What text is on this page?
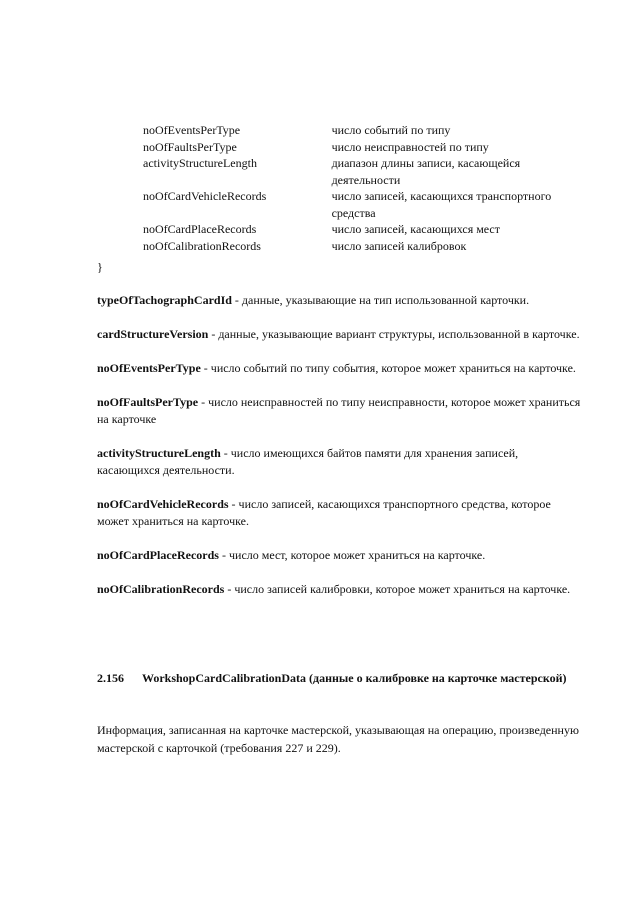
noOfEventsPerType	число событий по типу
noOfFaultsPerType	число неисправностей по типу
activityStructureLength	диапазон длины записи, касающейся деятельности
noOfCardVehicleRecords	число записей, касающихся транспортного средства
noOfCardPlaceRecords	число записей, касающихся мест
noOfCalibrationRecords	число записей калибровок
}

typeOfTachographCardId - данные, указывающие на тип использованной карточки.

cardStructureVersion - данные, указывающие вариант структуры, использованной в карточке.

noOfEventsPerType - число событий по типу события, которое может храниться на карточке.

noOfFaultsPerType - число неисправностей по типу неисправности, которое может храниться на карточке

activityStructureLength - число имеющихся байтов памяти для хранения записей, касающихся деятельности.

noOfCardVehicleRecords - число записей, касающихся транспортного средства, которое может храниться на карточке.

noOfCardPlaceRecords - число мест, которое может храниться на карточке.

noOfCalibrationRecords - число записей калибровки, которое может храниться на карточке.

2.156 WorkshopCardCalibrationData (данные о калибровке на карточке мастерской)

Информация, записанная на карточке мастерской, указывающая на операцию, произведенную мастерской с карточкой (требования 227 и 229).
